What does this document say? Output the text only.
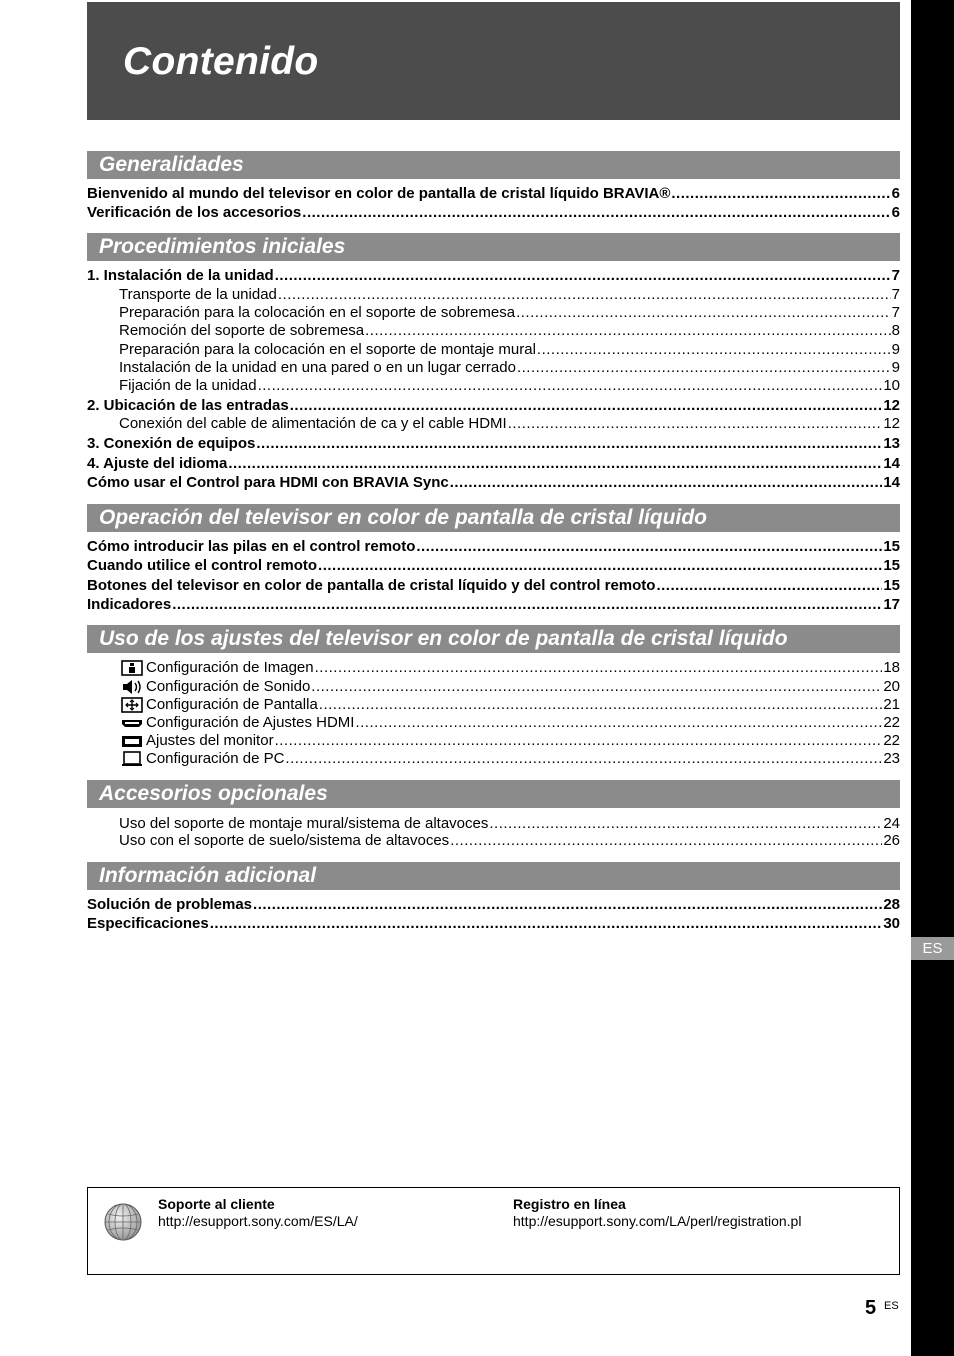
ES
Contenido
Generalidades
Bienvenido al mundo del televisor en color de pantalla de cristal líquido BRAVIA® .....	6
Verificación de los accesorios .....	6
Procedimientos iniciales
1. Instalación de la unidad .....	7
Transporte de la unidad .....	7
Preparación para la colocación en el soporte de sobremesa .....	7
Remoción del soporte de sobremesa .....	8
Preparación para la colocación en el soporte de montaje mural .....	9
Instalación de la unidad en una pared o en un lugar cerrado .....	9
Fijación de la unidad .....	10
2. Ubicación de las entradas .....	12
Conexión del cable de alimentación de ca y el cable HDMI .....	12
3. Conexión de equipos .....	13
4. Ajuste del idioma .....	14
Cómo usar el Control para HDMI con BRAVIA Sync .....	14
Operación del televisor en color de pantalla de cristal líquido
Cómo introducir las pilas en el control remoto .....	15
Cuando utilice el control remoto .....	15
Botones del televisor en color de pantalla de cristal líquido y del control remoto .....	15
Indicadores .....	17
Uso de los ajustes del televisor en color de pantalla de cristal líquido
Configuración de Imagen .....	18
Configuración de Sonido .....	20
Configuración de Pantalla .....	21
Configuración de Ajustes HDMI .....	22
Ajustes del monitor .....	22
Configuración de PC .....	23
Accesorios opcionales
Uso del soporte de montaje mural/sistema de altavoces .....	24
Uso con el soporte de suelo/sistema de altavoces .....	26
Información adicional
Solución de problemas .....	28
Especificaciones .....	30
Soporte al cliente
http://esupport.sony.com/ES/LA/
Registro en línea
http://esupport.sony.com/LA/perl/registration.pl
5 ES
